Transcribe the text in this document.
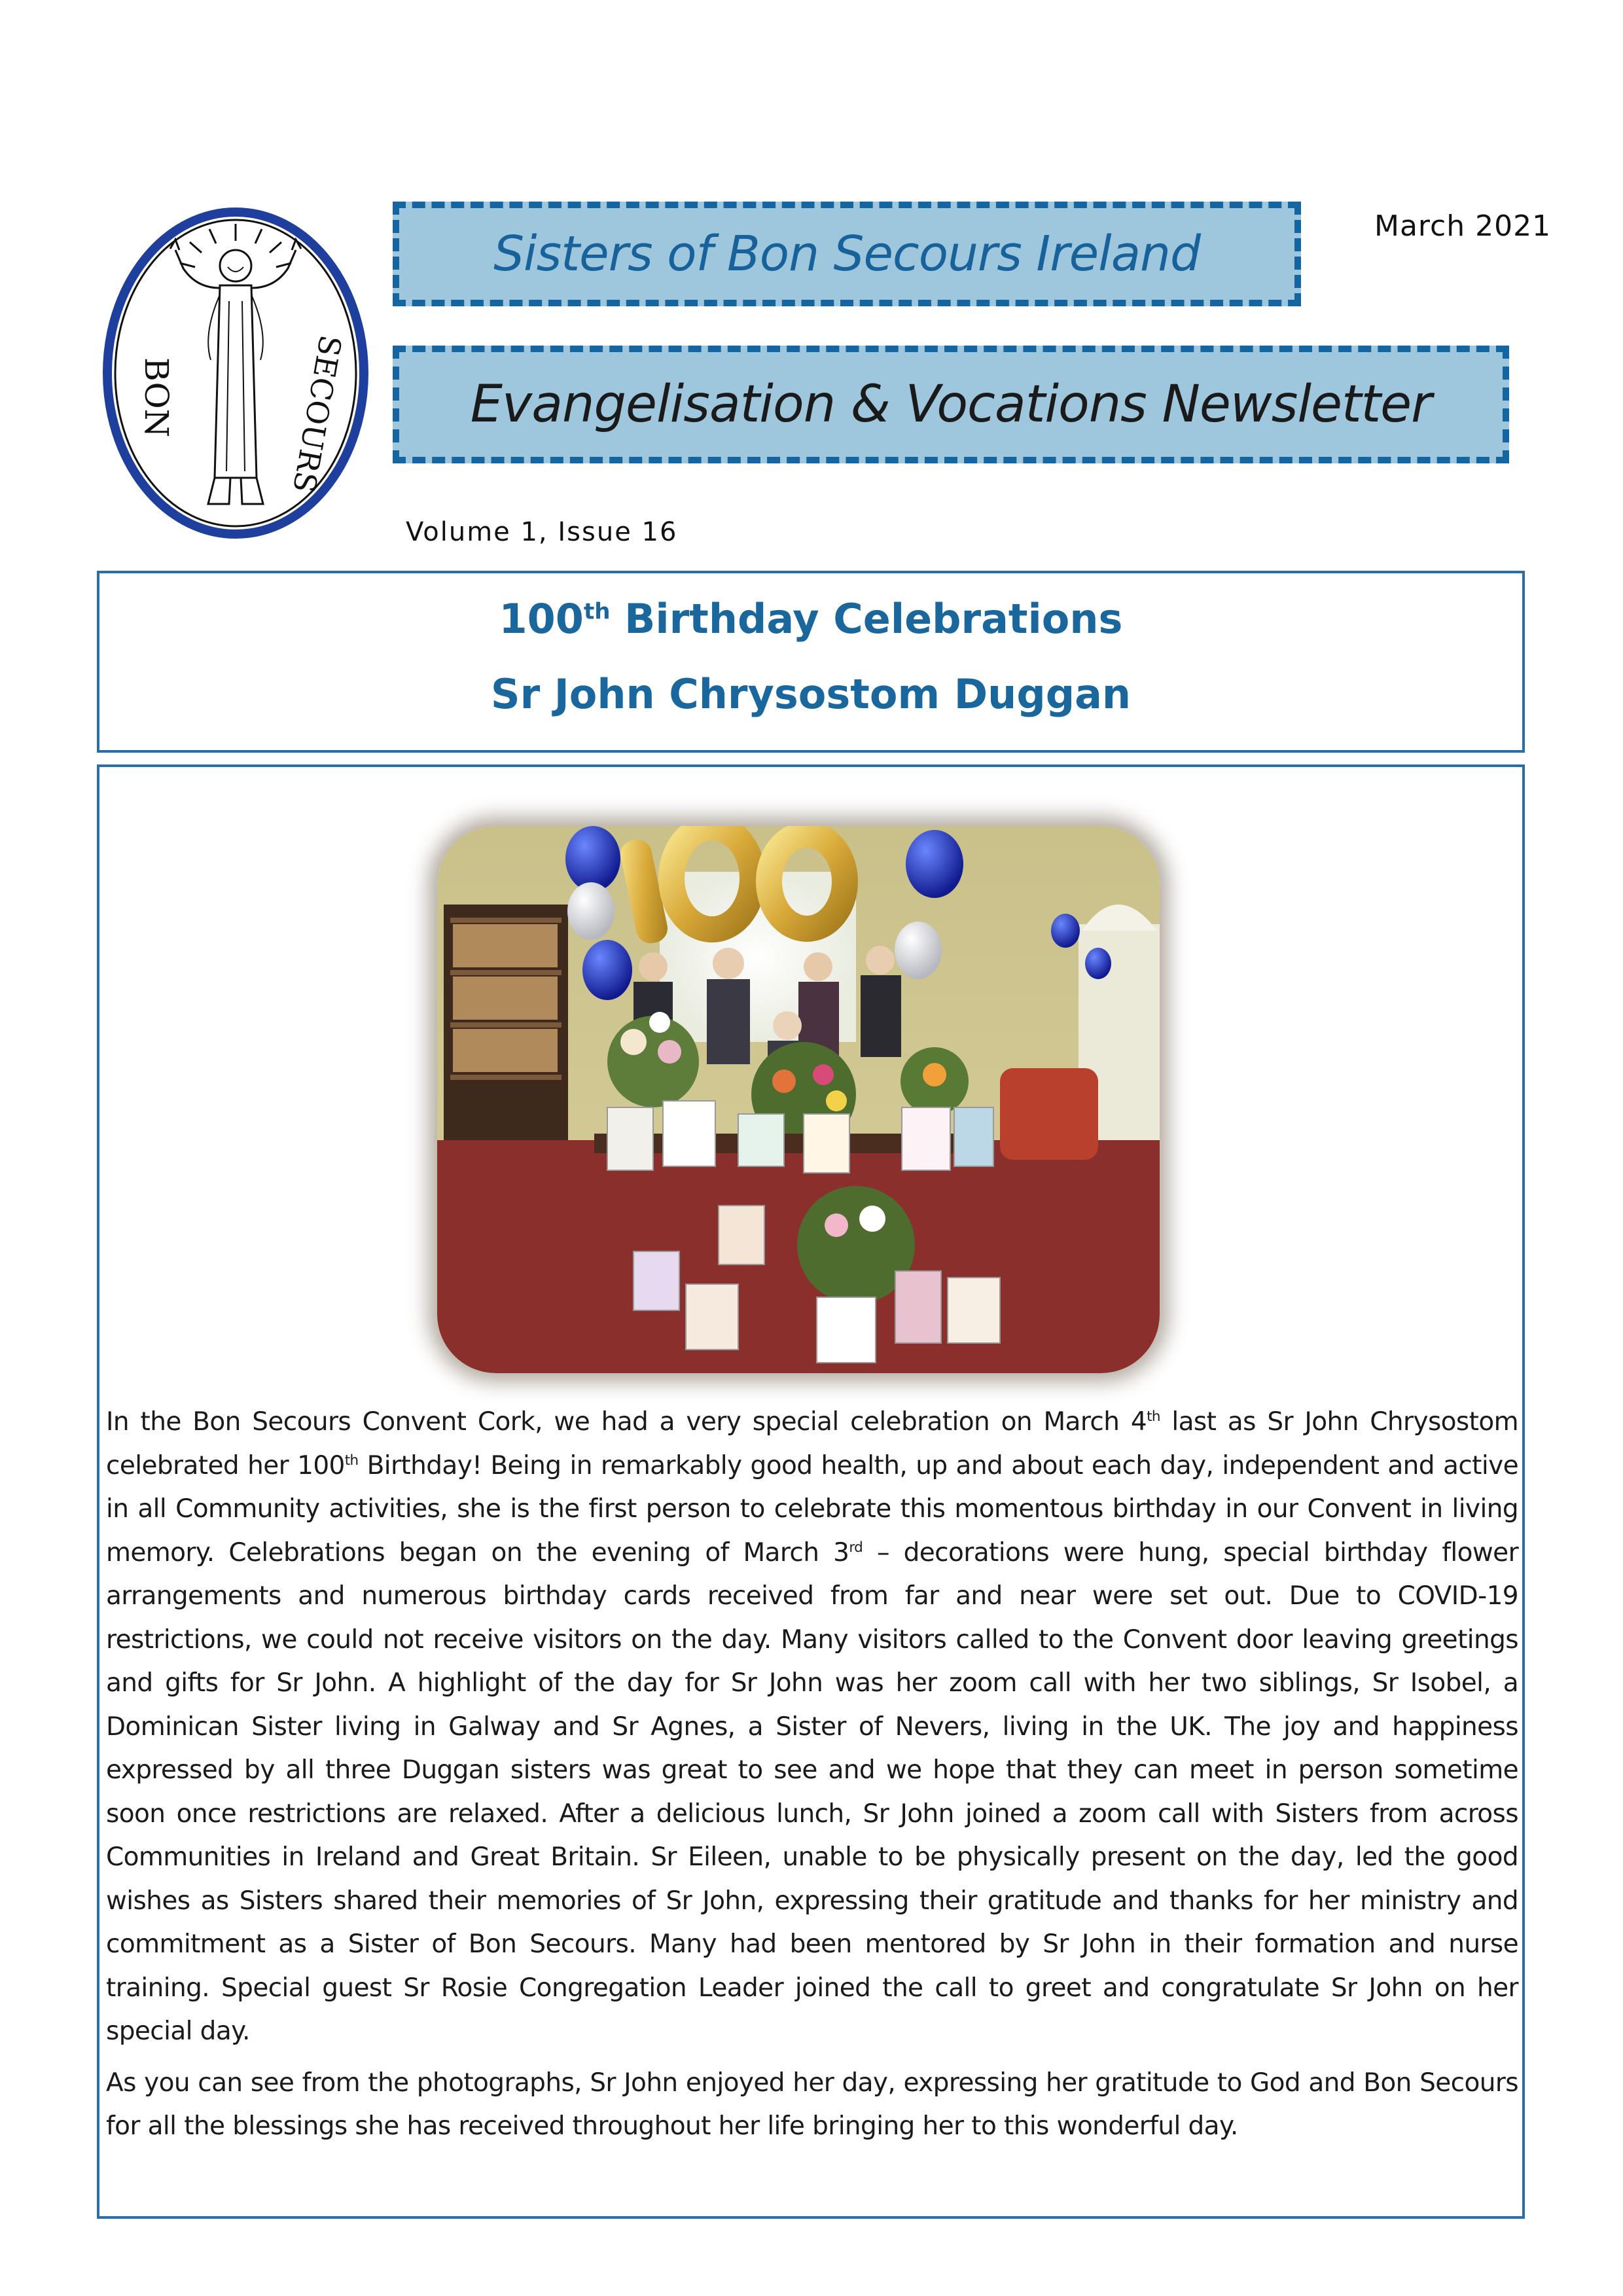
BON	SECOURS
Sisters of Bon Secours Ireland
Evangelisation & Vocations Newsletter
March 2021
Volume 1, Issue 16
100th Birthday Celebrations
Sr John Chrysostom Duggan

In the Bon Secours Convent Cork, we had a very special celebration on March 4th last as Sr John Chrysostom celebrated her 100th Birthday! Being in remarkably good health, up and about each day, independent and active in all Community activities, she is the first person to celebrate this momentous birthday in our Convent in living memory. Celebrations began on the evening of March 3rd – decorations were hung, special birthday flower arrangements and numerous birthday cards received from far and near were set out. Due to COVID-19 restrictions, we could not receive visitors on the day. Many visitors called to the Convent door leaving greetings and gifts for Sr John. A highlight of the day for Sr John was her zoom call with her two siblings, Sr Isobel, a Dominican Sister living in Galway and Sr Agnes, a Sister of Nevers, living in the UK. The joy and happiness expressed by all three Duggan sisters was great to see and we hope that they can meet in person sometime soon once restrictions are relaxed. After a delicious lunch, Sr John joined a zoom call with Sisters from across Communities in Ireland and Great Britain. Sr Eileen, unable to be physically present on the day, led the good wishes as Sisters shared their memories of Sr John, expressing their gratitude and thanks for her ministry and commitment as a Sister of Bon Secours. Many had been mentored by Sr John in their formation and nurse training. Special guest Sr Rosie Congregation Leader joined the call to greet and congratulate Sr John on her special day.

As you can see from the photographs, Sr John enjoyed her day, expressing her gratitude to God and Bon Secours for all the blessings she has received throughout her life bringing her to this wonderful day.
